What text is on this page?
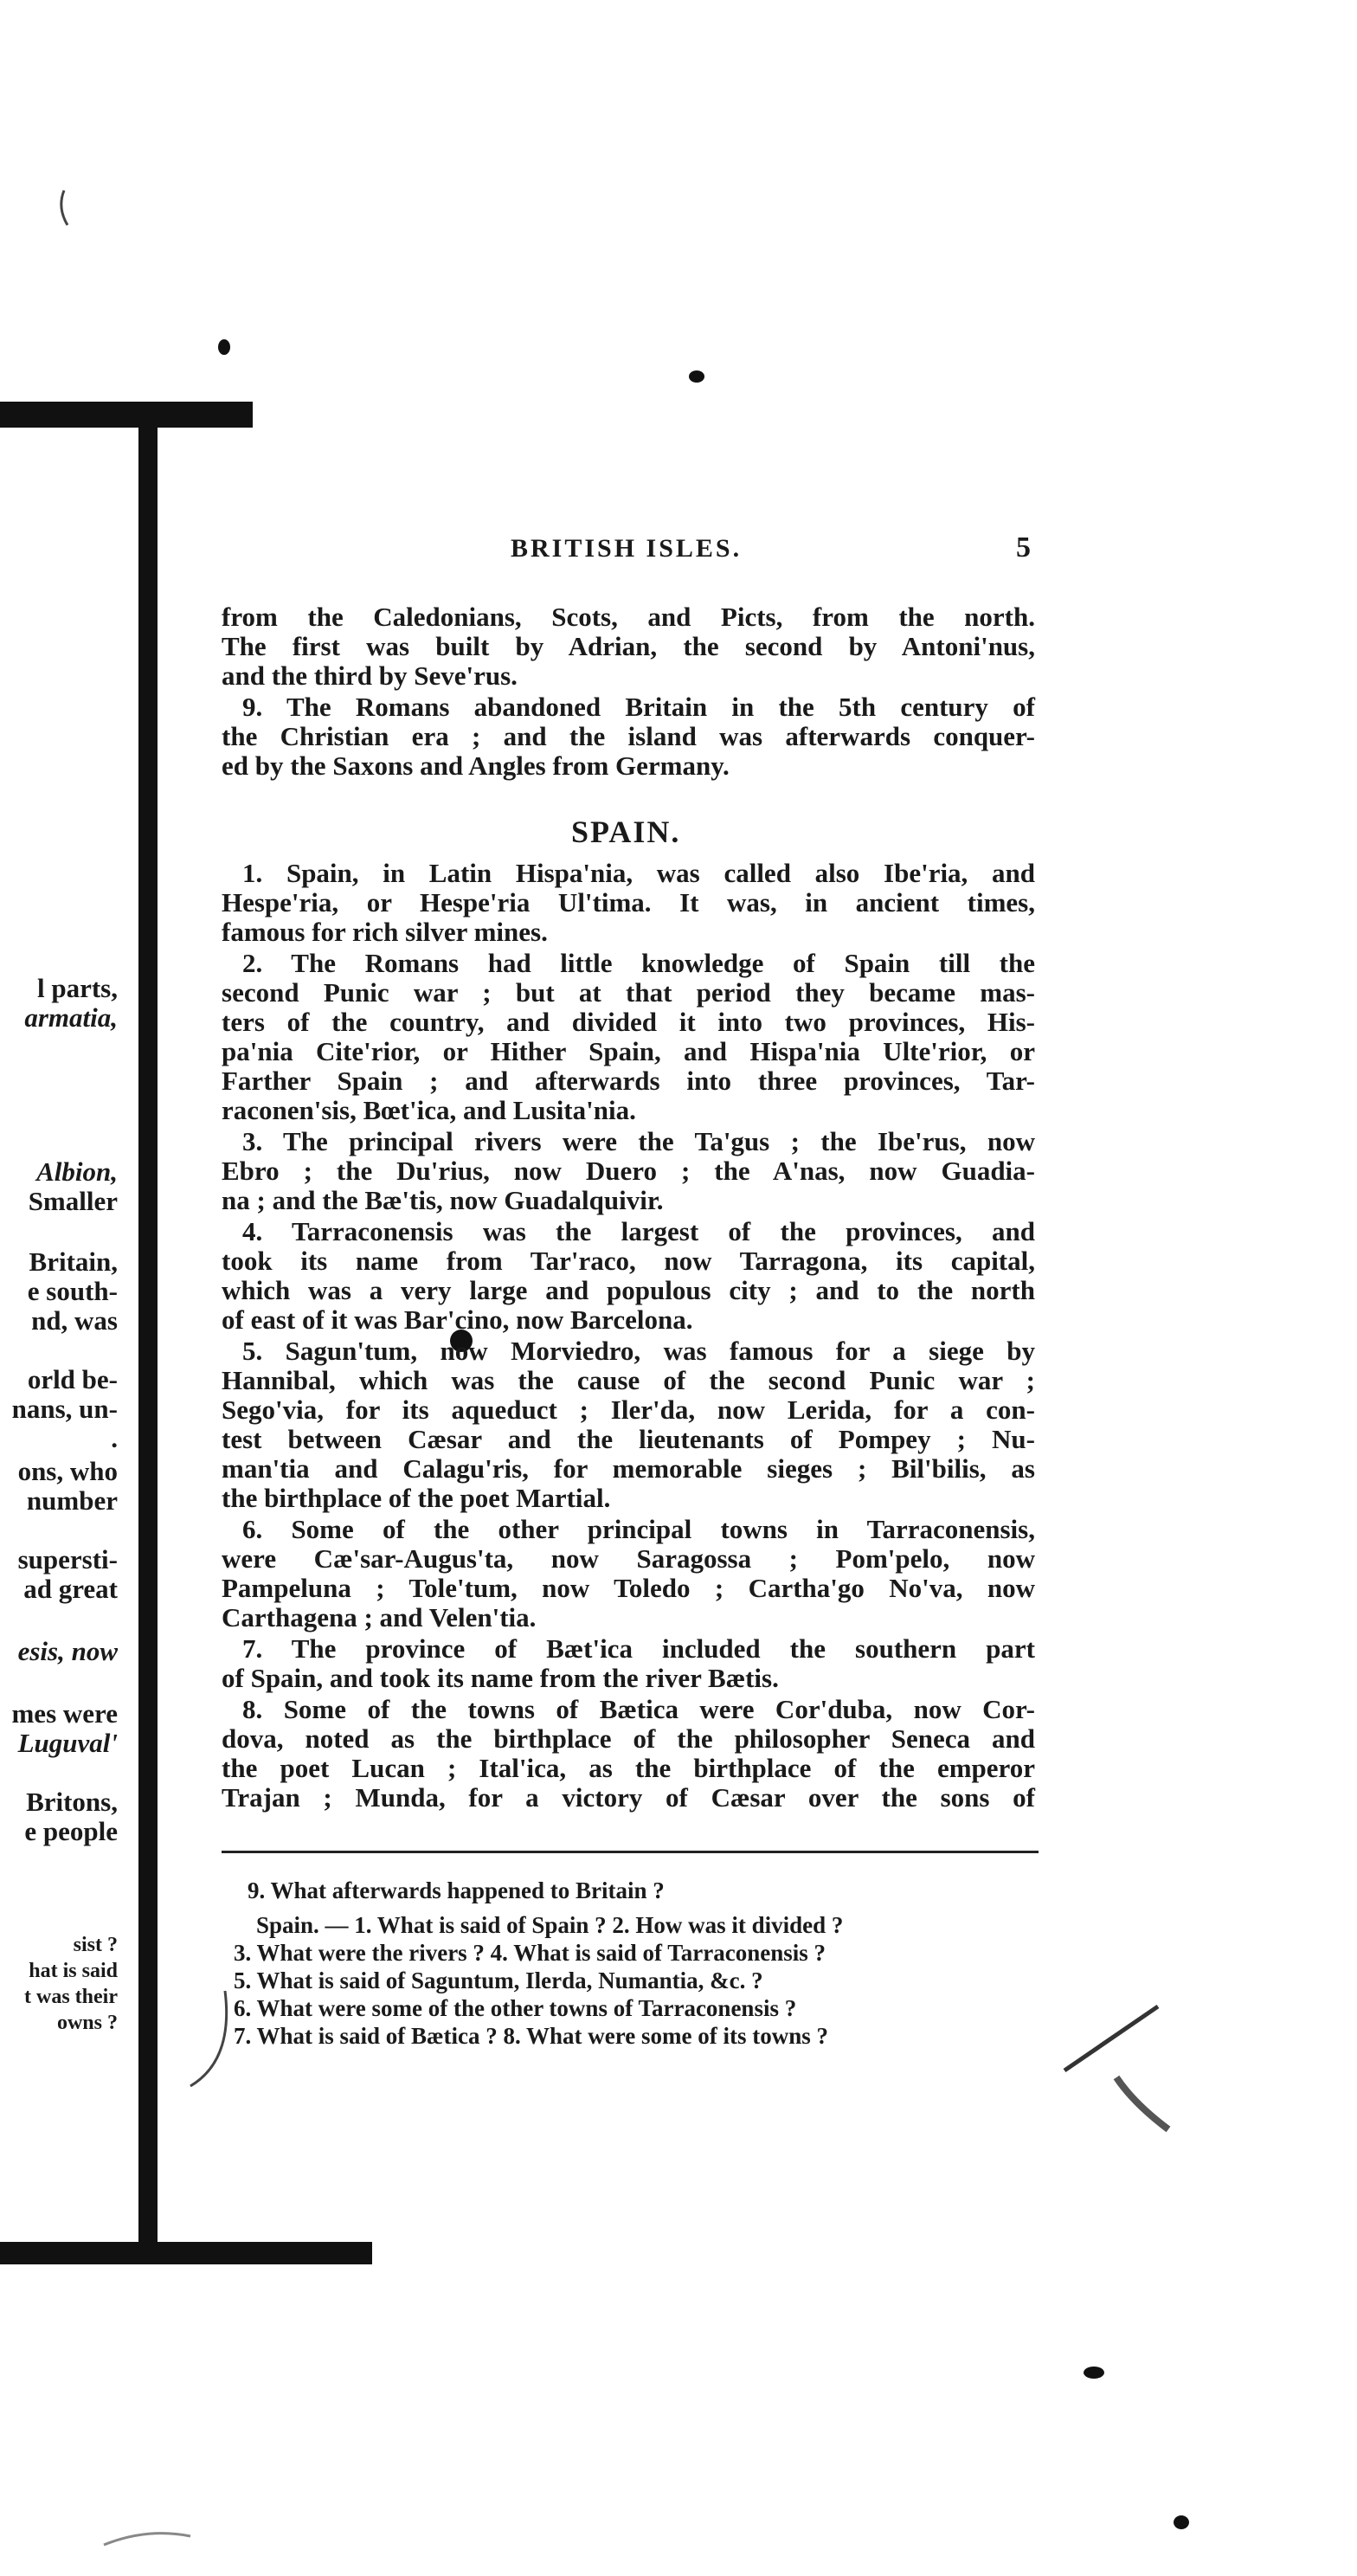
BRITISH ISLES.	5
from the Caledonians, Scots, and Picts, from the north.
The first was built by Adrian, the second by Antoni'nus,
and the third by Seve'rus.
9. The Romans abandoned Britain in the 5th century of
the Christian era ; and the island was afterwards conquer-
ed by the Saxons and Angles from Germany.
SPAIN.
1. Spain, in Latin Hispa'nia, was called also Ibe'ria, and
Hespe'ria, or Hespe'ria Ul'tima. It was, in ancient times,
famous for rich silver mines.
2. The Romans had little knowledge of Spain till the
second Punic war ; but at that period they became mas-
ters of the country, and divided it into two provinces, His-
pa'nia Cite'rior, or Hither Spain, and Hispa'nia Ulte'rior, or
Farther Spain ; and afterwards into three provinces, Tar-
raconen'sis, Bœt'ica, and Lusita'nia.
3. The principal rivers were the Ta'gus ; the Ibe'rus, now
Ebro ; the Du'rius, now Duero ; the A'nas, now Guadia-
na ; and the Bæ'tis, now Guadalquivir.
4. Tarraconensis was the largest of the provinces, and
took its name from Tar'raco, now Tarragona, its capital,
which was a very large and populous city ; and to the north
of east of it was Bar'cino, now Barcelona.
5. Sagun'tum, now Morviedro, was famous for a siege by
Hannibal, which was the cause of the second Punic war ;
Sego'via, for its aqueduct ; Iler'da, now Lerida, for a con-
test between Cæsar and the lieutenants of Pompey ; Nu-
man'tia and Calagu'ris, for memorable sieges ; Bil'bilis, as
the birthplace of the poet Martial.
6. Some of the other principal towns in Tarraconensis,
were Cæ'sar-Augus'ta, now Saragossa ; Pom'pelo, now
Pampeluna ; Tole'tum, now Toledo ; Cartha'go No'va, now
Carthagena ; and Velen'tia.
7. The province of Bæt'ica included the southern part
of Spain, and took its name from the river Bætis.
8. Some of the towns of Bætica were Cor'duba, now Cor-
dova, noted as the birthplace of the philosopher Seneca and
the poet Lucan ; Ital'ica, as the birthplace of the emperor
Trajan ; Munda, for a victory of Cæsar over the sons of
9. What afterwards happened to Britain ?
Spain. — 1. What is said of Spain ? 2. How was it divided ?
3. What were the rivers ? 4. What is said of Tarraconensis ?
5. What is said of Saguntum, Ilerda, Numantia, &c. ?
6. What were some of the other towns of Tarraconensis ?
7. What is said of Bætica ? 8. What were some of its towns ?
l parts,
armatia,
Albion,
Smaller
Britain,
e south-
nd, was
orld be-
nans, un-
.
ons, who
number
supersti-
ad great
esis, now
mes were
Luguval'
Britons,
e people
sist ?
hat is said
t was their
owns ?
